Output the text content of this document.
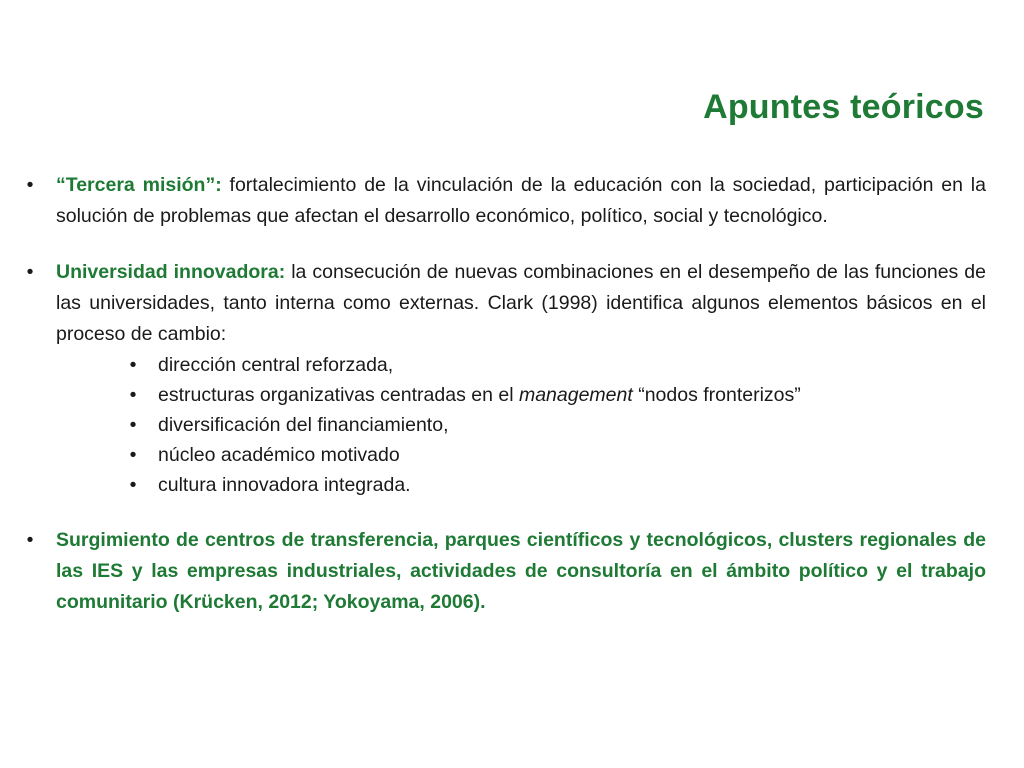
Apuntes teóricos

• “Tercera misión”: fortalecimiento de la vinculación de la educación con la sociedad, participación en la solución de problemas que afectan el desarrollo económico, político, social y tecnológico.

• Universidad innovadora: la consecución de nuevas combinaciones en el desempeño de las funciones de las universidades, tanto interna como externas. Clark (1998) identifica algunos elementos básicos en el proceso de cambio:

• dirección central reforzada,
• estructuras organizativas centradas en el management “nodos fronterizos”
• diversificación del financiamiento,
• núcleo académico motivado
• cultura innovadora integrada.

• Surgimiento de centros de transferencia, parques científicos y tecnológicos, clusters regionales de las IES y las empresas industriales, actividades de consultoría en el ámbito político y el trabajo comunitario (Krücken, 2012; Yokoyama, 2006).
